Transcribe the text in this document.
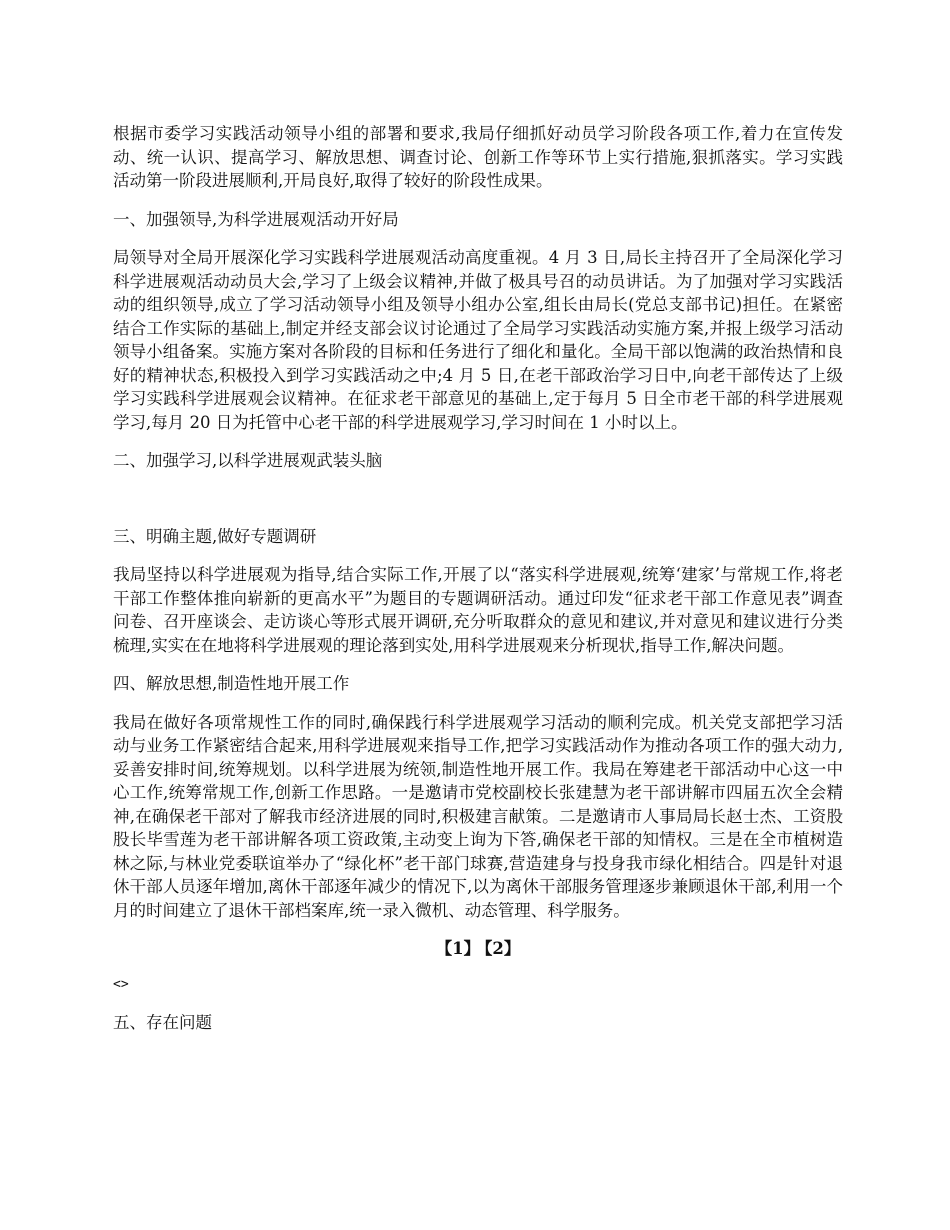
根据市委学习实践活动领导小组的部署和要求,我局仔细抓好动员学习阶段各项工作,着力在宣传发动、统一认识、提高学习、解放思想、调查讨论、创新工作等环节上实行措施,狠抓落实。学习实践活动第一阶段进展顺利,开局良好,取得了较好的阶段性成果。

一、加强领导,为科学进展观活动开好局

局领导对全局开展深化学习实践科学进展观活动高度重视。4 月 3 日,局长主持召开了全局深化学习科学进展观活动动员大会,学习了上级会议精神,并做了极具号召的动员讲话。为了加强对学习实践活动的组织领导,成立了学习活动领导小组及领导小组办公室,组长由局长(党总支部书记)担任。在紧密结合工作实际的基础上,制定并经支部会议讨论通过了全局学习实践活动实施方案,并报上级学习活动领导小组备案。实施方案对各阶段的目标和任务进行了细化和量化。全局干部以饱满的政治热情和良好的精神状态,积极投入到学习实践活动之中;4 月 5 日,在老干部政治学习日中,向老干部传达了上级学习实践科学进展观会议精神。在征求老干部意见的基础上,定于每月 5 日全市老干部的科学进展观学习,每月 20 日为托管中心老干部的科学进展观学习,学习时间在 1 小时以上。

二、加强学习,以科学进展观武装头脑

三、明确主题,做好专题调研

我局坚持以科学进展观为指导,结合实际工作,开展了以“落实科学进展观,统筹‘建家’与常规工作,将老干部工作整体推向崭新的更高水平”为题目的专题调研活动。通过印发“征求老干部工作意见表”调查问卷、召开座谈会、走访谈心等形式展开调研,充分听取群众的意见和建议,并对意见和建议进行分类梳理,实实在在地将科学进展观的理论落到实处,用科学进展观来分析现状,指导工作,解决问题。

四、解放思想,制造性地开展工作

我局在做好各项常规性工作的同时,确保践行科学进展观学习活动的顺利完成。机关党支部把学习活动与业务工作紧密结合起来,用科学进展观来指导工作,把学习实践活动作为推动各项工作的强大动力,妥善安排时间,统筹规划。以科学进展为统领,制造性地开展工作。我局在筹建老干部活动中心这一中心工作,统筹常规工作,创新工作思路。一是邀请市党校副校长张建慧为老干部讲解市四届五次全会精神,在确保老干部对了解我市经济进展的同时,积极建言献策。二是邀请市人事局局长赵士杰、工资股股长毕雪莲为老干部讲解各项工资政策,主动变上询为下答,确保老干部的知情权。三是在全市植树造林之际,与林业党委联谊举办了“绿化杯”老干部门球赛,营造建身与投身我市绿化相结合。四是针对退休干部人员逐年增加,离休干部逐年减少的情况下,以为离休干部服务管理逐步兼顾退休干部,利用一个月的时间建立了退休干部档案库,统一录入微机、动态管理、科学服务。

【1】 【2】

<>

五、存在问题
